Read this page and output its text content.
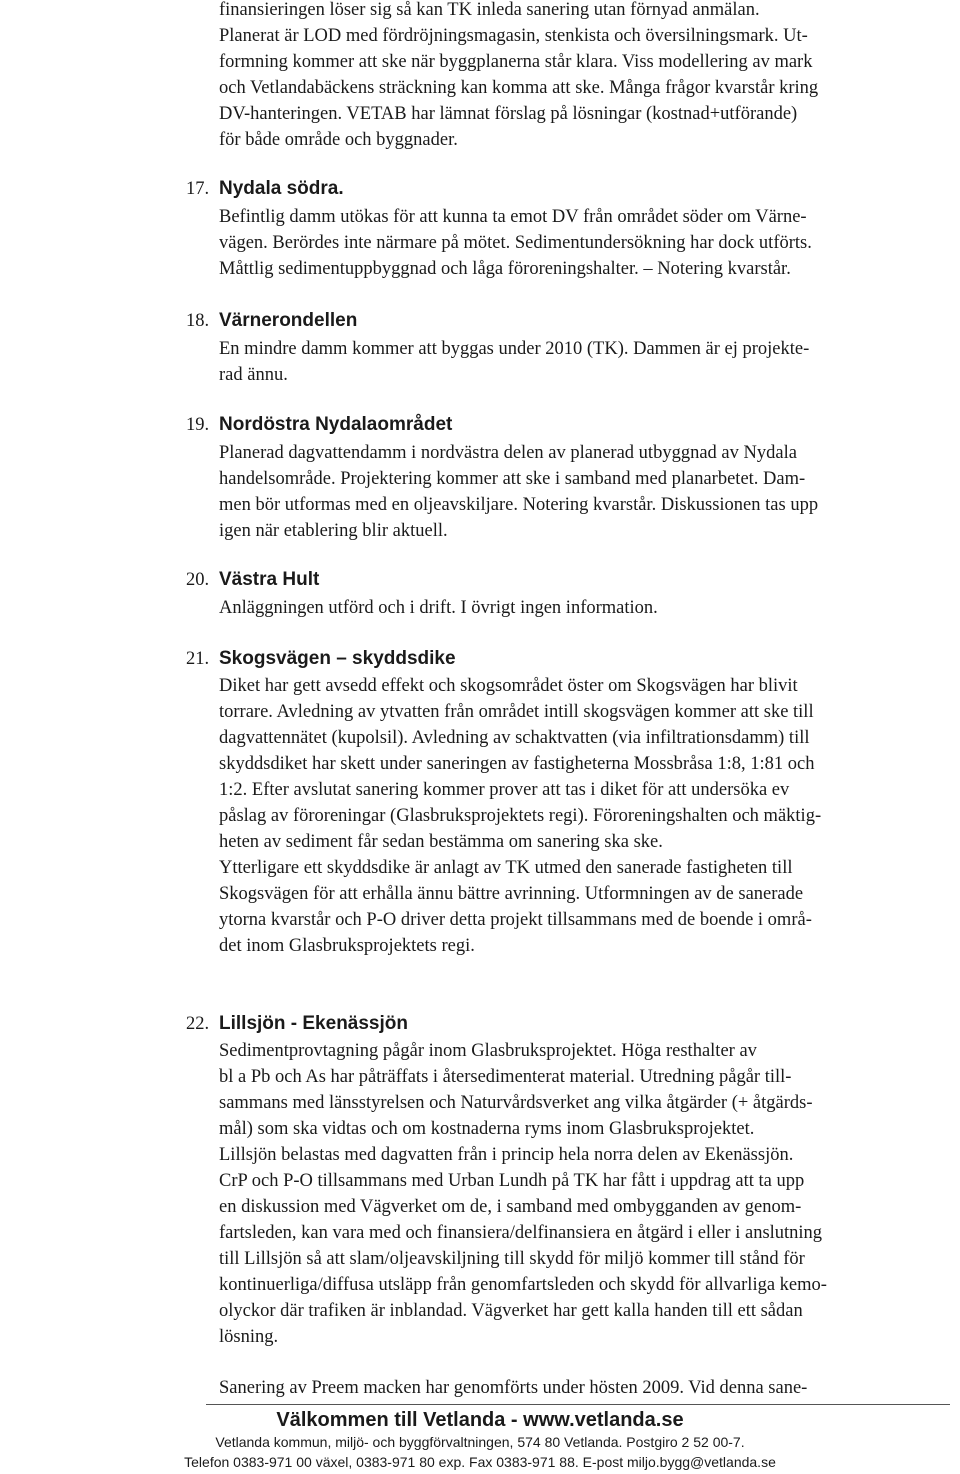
finansieringen löser sig så kan TK inleda sanering utan förnyad anmälan.
Planerat är LOD med fördröjningsmagasin, stenkista och översilningsmark. Ut-
formning kommer att ske när byggplanerna står klara. Viss modellering av mark
och Vetlandabäckens sträckning kan komma att ske. Många frågor kvarstår kring
DV-hanteringen. VETAB har lämnat förslag på lösningar (kostnad+utförande)
för både område och byggnader.
17. Nydala södra.
Befintlig damm utökas för att kunna ta emot DV från området söder om Värne-
vägen. Berördes inte närmare på mötet. Sedimentundersökning har dock utförts.
Måttlig sedimentuppbyggnad och låga föroreningshalter. – Notering kvarstår.
18. Värnerondellen
En mindre damm kommer att byggas under 2010 (TK). Dammen är ej projekte-
rad ännu.
19. Nordöstra Nydalaområdet
Planerad dagvattendamm i nordvästra delen av planerad utbyggnad av Nydala
handelsområde. Projektering kommer att ske i samband med planarbetet. Dam-
men bör utformas med en oljeavskiljare. Notering kvarstår. Diskussionen tas upp
igen när etablering blir aktuell.
20. Västra Hult
Anläggningen utförd och i drift. I övrigt ingen information.
21. Skogsvägen – skyddsdike
Diket har gett avsedd effekt och skogsområdet öster om Skogsvägen har blivit
torrare. Avledning av ytvatten från området intill skogsvägen kommer att ske till
dagvattennätet (kupolsil). Avledning av schaktvatten (via infiltrationsdamm) till
skyddsdiket har skett under saneringen av fastigheterna Mossbråsa 1:8, 1:81 och
1:2. Efter avslutat sanering kommer prover att tas i diket för att undersöka ev
påslag av föroreningar (Glasbruksprojektets regi). Föroreningshalten och mäktig-
heten av sediment får sedan bestämma om sanering ska ske.
Ytterligare ett skyddsdike är anlagt av TK utmed den sanerade fastigheten till
Skogsvägen för att erhålla ännu bättre avrinning. Utformningen av de sanerade
ytorna kvarstår och P-O driver detta projekt tillsammans med de boende i områ-
det inom Glasbruksprojektets regi.
22. Lillsjön - Ekenässjön
Sedimentprovtagning pågår inom Glasbruksprojektet. Höga resthalter av
bl a Pb och As har påträffats i återsedimenterat material. Utredning pågår till-
sammans med länsstyrelsen och Naturvårdsverket ang vilka åtgärder (+ åtgärds-
mål) som ska vidtas och om kostnaderna ryms inom Glasbruksprojektet.
Lillsjön belastas med dagvatten från i princip hela norra delen av Ekenässjön.
CrP och P-O tillsammans med Urban Lundh på TK har fått i uppdrag att ta upp
en diskussion med Vägverket om de, i samband med ombygganden av genom-
fartsleden, kan vara med och finansiera/delfinansiera en åtgärd i eller i anslutning
till Lillsjön så att slam/oljeavskiljning till skydd för miljö kommer till stånd för
kontinuerliga/diffusa utsläpp från genomfartsleden och skydd för allvarliga kemo-
olyckor där trafiken är inblandad. Vägverket har gett kalla handen till ett sådan
lösning.
Sanering av Preem macken har genomförts under hösten 2009. Vid denna sane-
Välkommen till Vetlanda - www.vetlanda.se
Vetlanda kommun, miljö- och byggförvaltningen, 574 80 Vetlanda. Postgiro 2 52 00-7.
Telefon 0383-971 00 växel, 0383-971 80 exp. Fax 0383-971 88. E-post miljo.bygg@vetlanda.se
